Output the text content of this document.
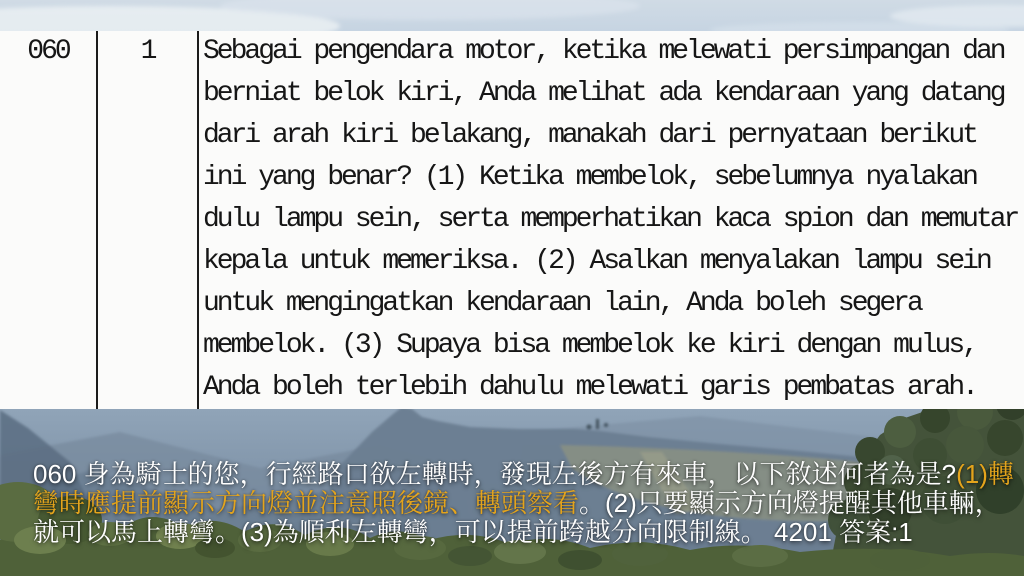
060	1	Sebagai pengendara motor, ketika melewati persimpangan dan
berniat belok kiri, Anda melihat ada kendaraan yang datang
dari arah kiri belakang, manakah dari pernyataan berikut
ini yang benar? (1) Ketika membelok, sebelumnya nyalakan
dulu lampu sein, serta memperhatikan kaca spion dan memutar
kepala untuk memeriksa. (2) Asalkan menyalakan lampu sein
untuk mengingatkan kendaraan lain, Anda boleh segera
membelok. (3) Supaya bisa membelok ke kiri dengan mulus,
Anda boleh terlebih dahulu melewati garis pembatas arah.
060 身為騎士的您，行經路口欲左轉時，發現左後方有來車，以下敘述何者為是?(1)轉
彎時應提前顯示方向燈並注意照後鏡、轉頭察看。(2)只要顯示方向燈提醒其他車輛，
就可以馬上轉彎。(3)為順利左轉彎，可以提前跨越分向限制線。 4201 答案:1
